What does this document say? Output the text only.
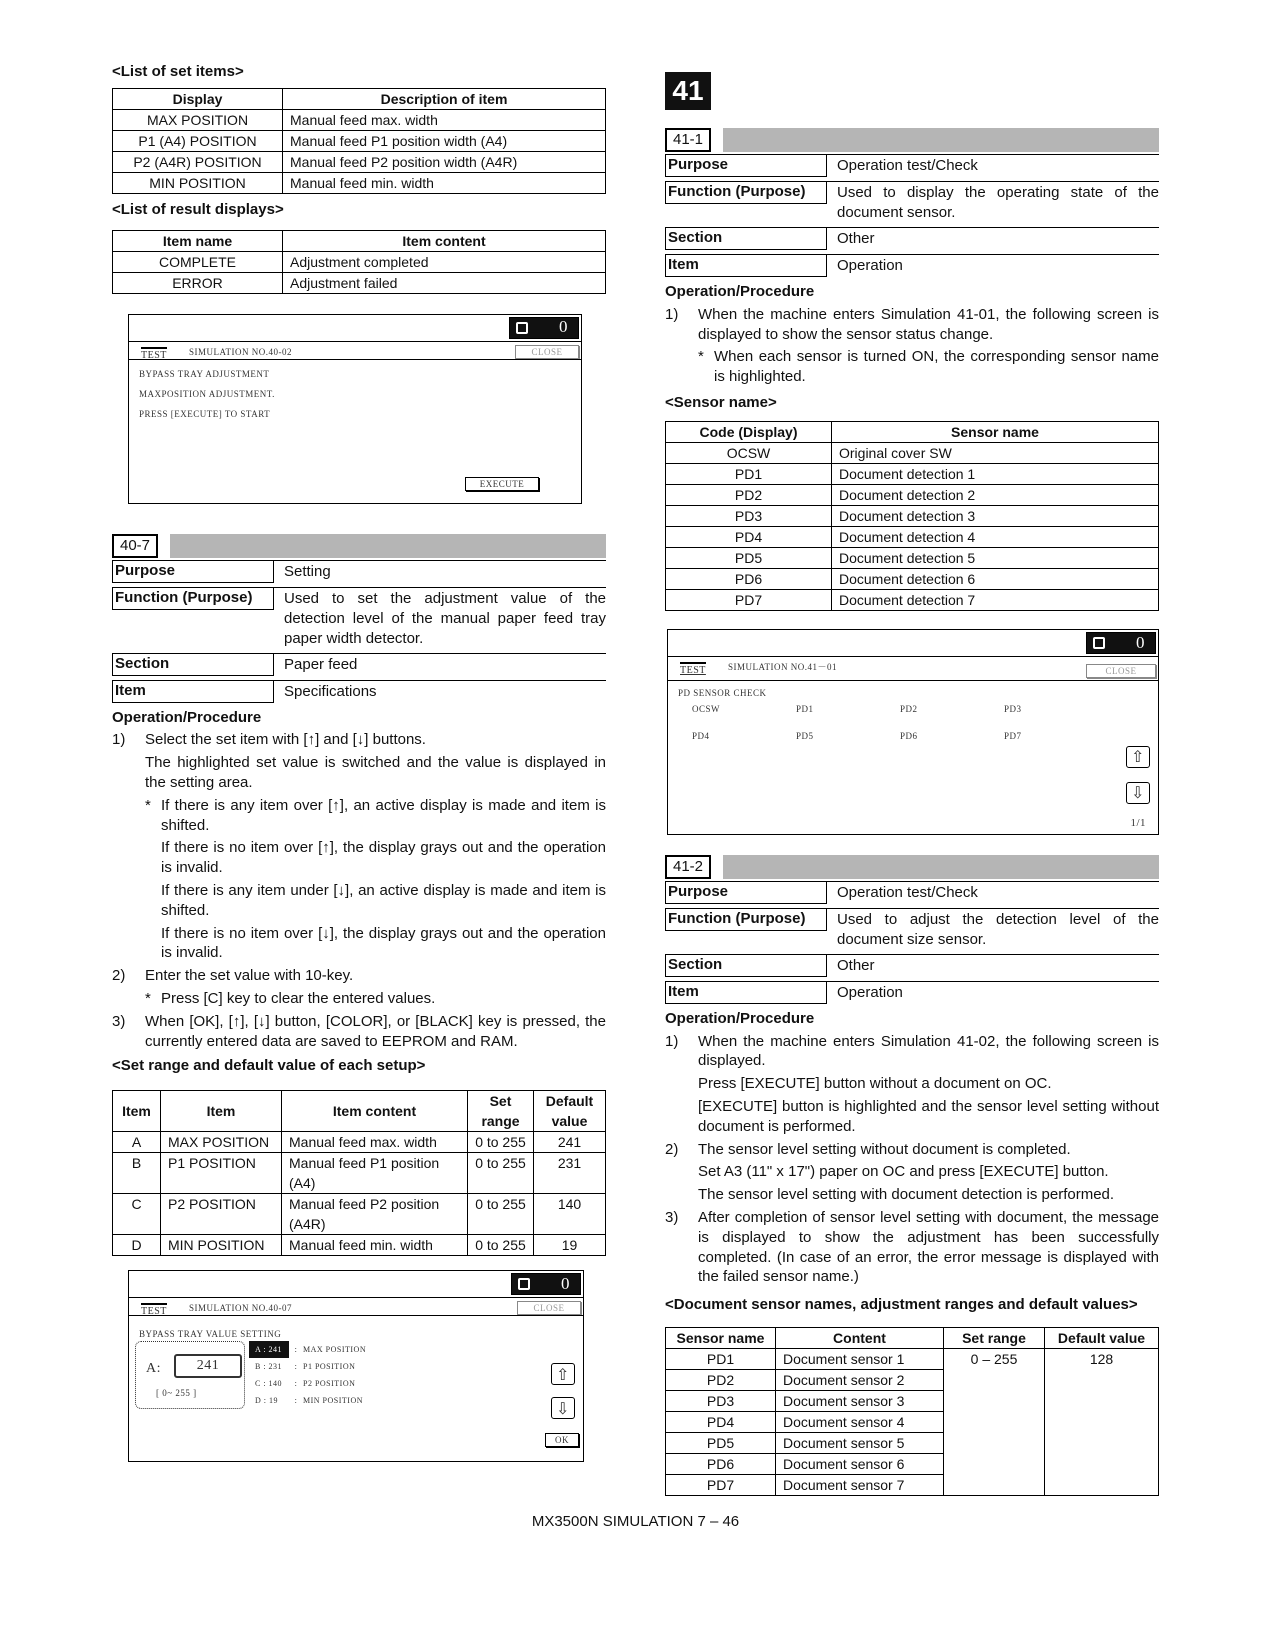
<List of set items>
Display	Description of item
MAX POSITION	Manual feed max. width
P1 (A4) POSITION	Manual feed P1 position width (A4)
P2 (A4R) POSITION	Manual feed P2 position width (A4R)
MIN POSITION	Manual feed min. width
<List of result displays>
Item name	Item content
COMPLETE	Adjustment completed
ERROR	Adjustment failed
0
TEST SIMULATION NO.40-02	CLOSE
BYPASS TRAY ADJUSTMENT
MAXPOSITION ADJUSTMENT.
PRESS [EXECUTE] TO START
EXECUTE
40-7
Purpose	Setting
Function (Purpose)	Used to set the adjustment value of the detection level of the manual paper feed tray paper width detector.
Section	Paper feed
Item	Specifications
Operation/Procedure
1)	Select the set item with [↑] and [↓] buttons.
The highlighted set value is switched and the value is displayed in the setting area.
* If there is any item over [↑], an active display is made and item is shifted.
If there is no item over [↑], the display grays out and the operation is invalid.
If there is any item under [↓], an active display is made and item is shifted.
If there is no item over [↓], the display grays out and the operation is invalid.
2)	Enter the set value with 10-key.
* Press [C] key to clear the entered values.
3)	When [OK], [↑], [↓] button, [COLOR], or [BLACK] key is pressed, the currently entered data are saved to EEPROM and RAM.
<Set range and default value of each setup>
Item	Item	Item content	Set range	Default value
A	MAX POSITION	Manual feed max. width	0 to 255	241
B	P1 POSITION	Manual feed P1 position (A4)	0 to 255	231
C	P2 POSITION	Manual feed P2 position (A4R)	0 to 255	140
D	MIN POSITION	Manual feed min. width	0 to 255	19
0
TEST SIMULATION NO.40-07	CLOSE
BYPASS TRAY VALUE SETTING
A:	241
[ 0~ 255 ]
A : 241	: MAX POSITION
B : 231	: P1 POSITION
C : 140	: P2 POSITION
D : 19	: MIN POSITION
⇧
⇩
OK
41
41-1
Purpose	Operation test/Check
Function (Purpose)	Used to display the operating state of the document sensor.
Section	Other
Item	Operation
Operation/Procedure
1)	When the machine enters Simulation 41-01, the following screen is displayed to show the sensor status change.
* When each sensor is turned ON, the corresponding sensor name is highlighted.
<Sensor name>
Code (Display)	Sensor name
OCSW	Original cover SW
PD1	Document detection 1
PD2	Document detection 2
PD3	Document detection 3
PD4	Document detection 4
PD5	Document detection 5
PD6	Document detection 6
PD7	Document detection 7
0
TEST SIMULATION NO.41－01	CLOSE
PD SENSOR CHECK
OCSW	PD1	PD2	PD3
PD4	PD5	PD6	PD7
⇧
⇩
1/1
41-2
Purpose	Operation test/Check
Function (Purpose)	Used to adjust the detection level of the document size sensor.
Section	Other
Item	Operation
Operation/Procedure
1)	When the machine enters Simulation 41-02, the following screen is displayed.
Press [EXECUTE] button without a document on OC.
[EXECUTE] button is highlighted and the sensor level setting without document is performed.
2)	The sensor level setting without document is completed.
Set A3 (11" x 17") paper on OC and press [EXECUTE] button.
The sensor level setting with document detection is performed.
3)	After completion of sensor level setting with document, the message is displayed to show the adjustment has been successfully completed. (In case of an error, the error message is displayed with the failed sensor name.)
<Document sensor names, adjustment ranges and default values>
Sensor name	Content	Set range	Default value
PD1	Document sensor 1	0 – 255	128
PD2	Document sensor 2		
PD3	Document sensor 3		
PD4	Document sensor 4		
PD5	Document sensor 5		
PD6	Document sensor 6		
PD7	Document sensor 7		
MX3500N SIMULATION 7 – 46
